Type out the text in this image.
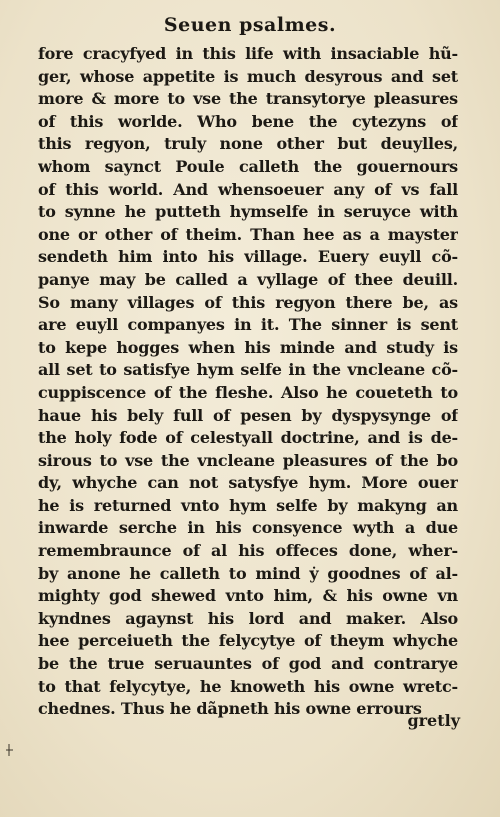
Seuen psalmes.
fore cracyfyed in this life with insaciable hũ-
ger, whose appetite is much desyrous and set
more & more to vse the transytorye pleasures
of this worlde. Who bene the cytezyns of
this regyon, truly none other but deuylles,
whom saynct Poule calleth the gouernours
of this world. And whensoeuer any of vs fall
to synne he putteth hymselfe in seruyce with
one or other of theim. Than hee as a mayster
sendeth him into his village. Euery euyll cõ-
panye may be called a vyllage of thee deuill.
So many villages of this regyon there be, as
are euyll companyes in it. The sinner is sent
to kepe hogges when his minde and study is
all set to satisfye hym selfe in the vncleane cõ-
cuppiscence of the fleshe. Also he coueteth to
haue his bely full of pesen by dyspysynge of
the holy fode of celestyall doctrine, and is de-
sirous to vse the vncleane pleasures of the bo
dy, whyche can not satysfye hym. More ouer
he is returned vnto hym selfe by makyng an
inwarde serche in his consyence wyth a due
remembraunce of al his offeces done, wher-
by anone he calleth to mind ẏ goodnes of al-
mighty god shewed vnto him, & his owne vn
kyndnes agaynst his lord and maker. Also
hee perceiueth the felycytye of theym whyche
be the true seruauntes of god and contrarye
to that felycytye, he knoweth his owne wretc-
chednes. Thus he dãpneth his owne errours
gretly
